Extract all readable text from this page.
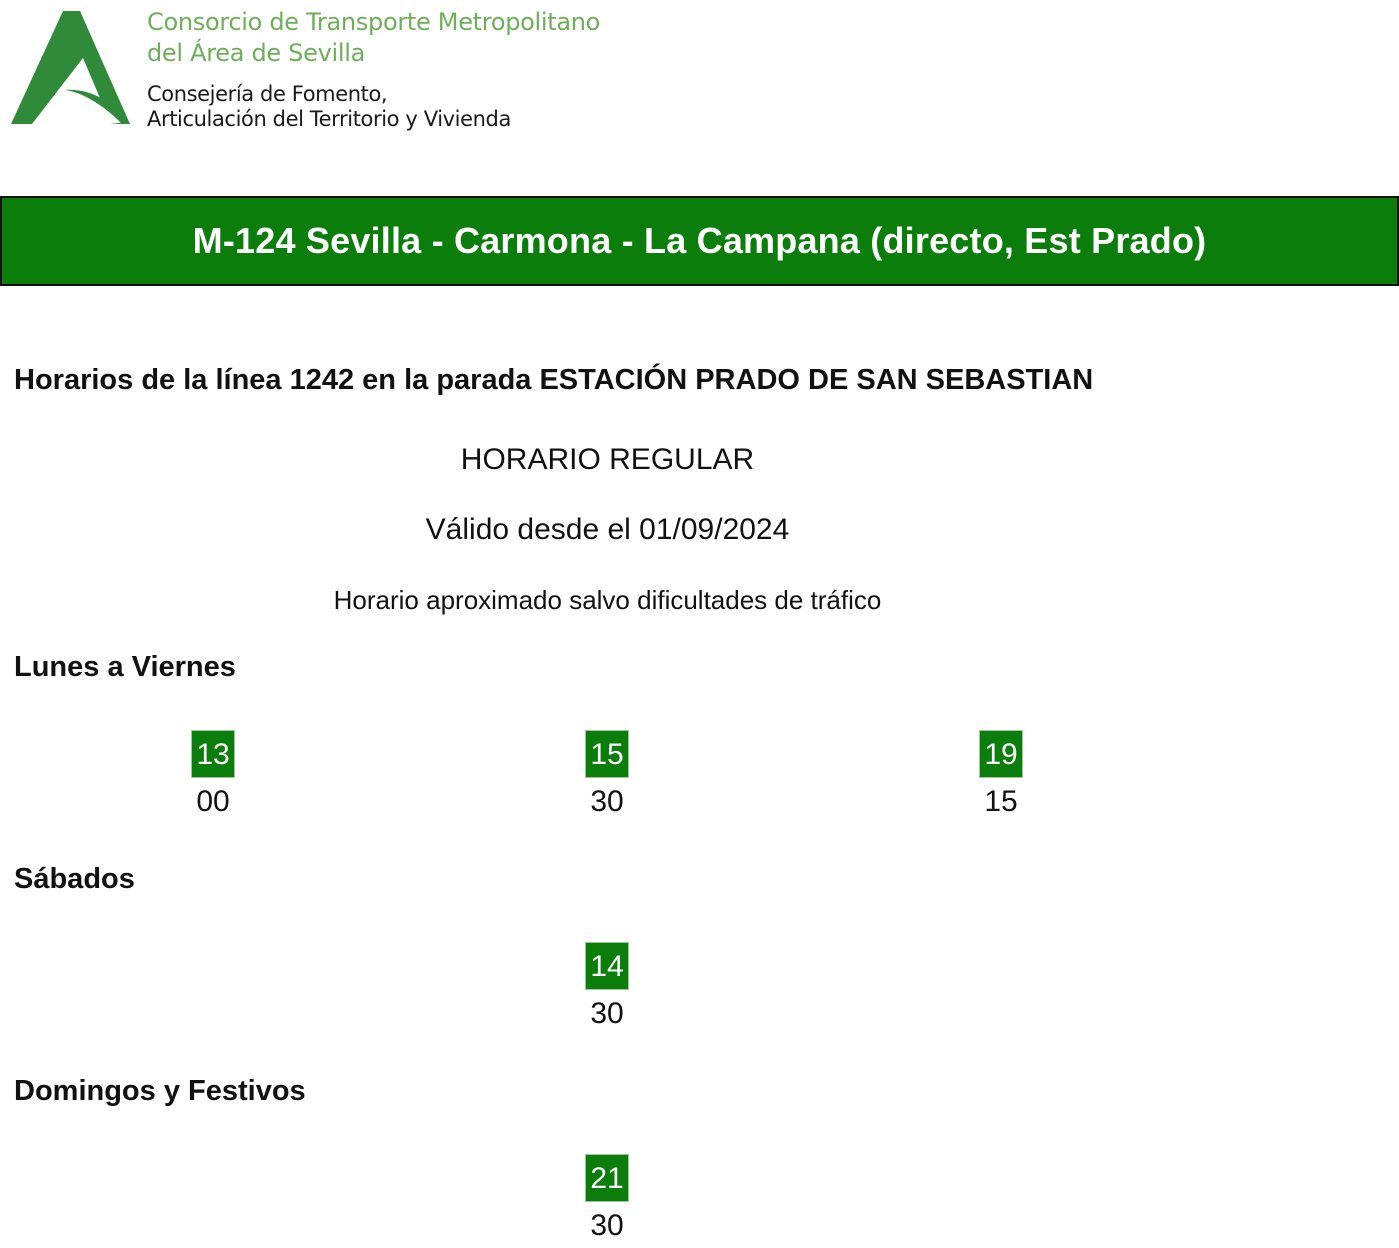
Consorcio de Transporte Metropolitano
del Área de Sevilla
Consejería de Fomento,
Articulación del Territorio y Vivienda
M-124 Sevilla - Carmona - La Campana (directo, Est Prado)
Horarios de la línea 1242 en la parada ESTACIÓN PRADO DE SAN SEBASTIAN
HORARIO REGULAR
Válido desde el 01/09/2024
Horario aproximado salvo dificultades de tráfico
Lunes a Viernes
13
00
15
30
19
15
Sábados
14
30
Domingos y Festivos
21
30
